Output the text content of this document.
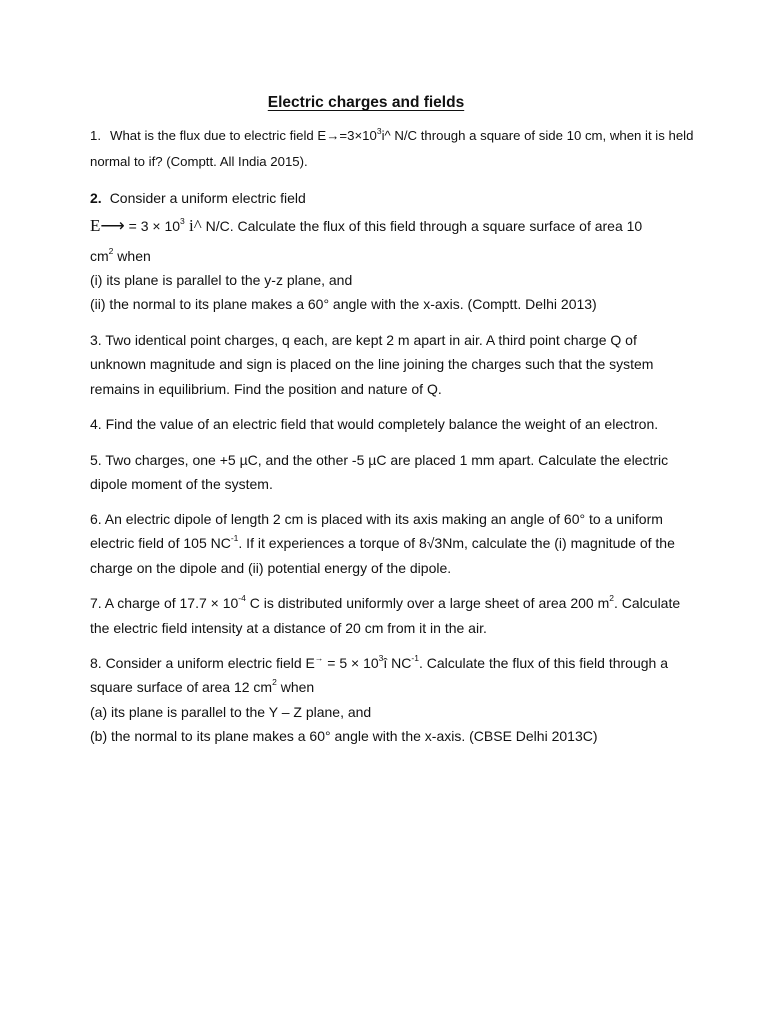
Electric charges and fields
1. What is the flux due to electric field $E\to=3\times 10^3i\^{}$ N/C through a square of side 10 cm, when it is held
normal to if? (Comptt. All India 2015).
2. Consider a uniform electric field
E⟶ = $3 \times 10^3$ i^ N/C. Calculate the flux of this field through a square surface of area 10
$cm^2$ when
(i) its plane is parallel to the y-z plane, and
(ii) the normal to its plane makes a 60° angle with the x-axis. (Comptt. Delhi 2013)
3. Two identical point charges, q each, are kept 2 m apart in air. A third point charge Q of
unknown magnitude and sign is placed on the line joining the charges such that the system
remains in equilibrium. Find the position and nature of Q.
4. Find the value of an electric field that would completely balance the weight of an electron.
5. Two charges, one +5 µC, and the other -5 µC are placed 1 mm apart. Calculate the electric
dipole moment of the system.
6. An electric dipole of length 2 cm is placed with its axis making an angle of 60° to a uniform
electric field of 105 $NC^{-1}$. If it experiences a torque of 8√3Nm, calculate the (i) magnitude of the
charge on the dipole and (ii) potential energy of the dipole.
7. A charge of $17.7 \times 10^{-4}$ C is distributed uniformly over a large sheet of area 200 $m^2$. Calculate
the electric field intensity at a distance of 20 cm from it in the air.
8. Consider a uniform electric field $E^\to = 5 \times 10^3î$ $NC^{-1}$. Calculate the flux of this field through a
square surface of area 12 $cm^2$ when
(a) its plane is parallel to the Y – Z plane, and
(b) the normal to its plane makes a 60° angle with the x-axis. (CBSE Delhi 2013C)
